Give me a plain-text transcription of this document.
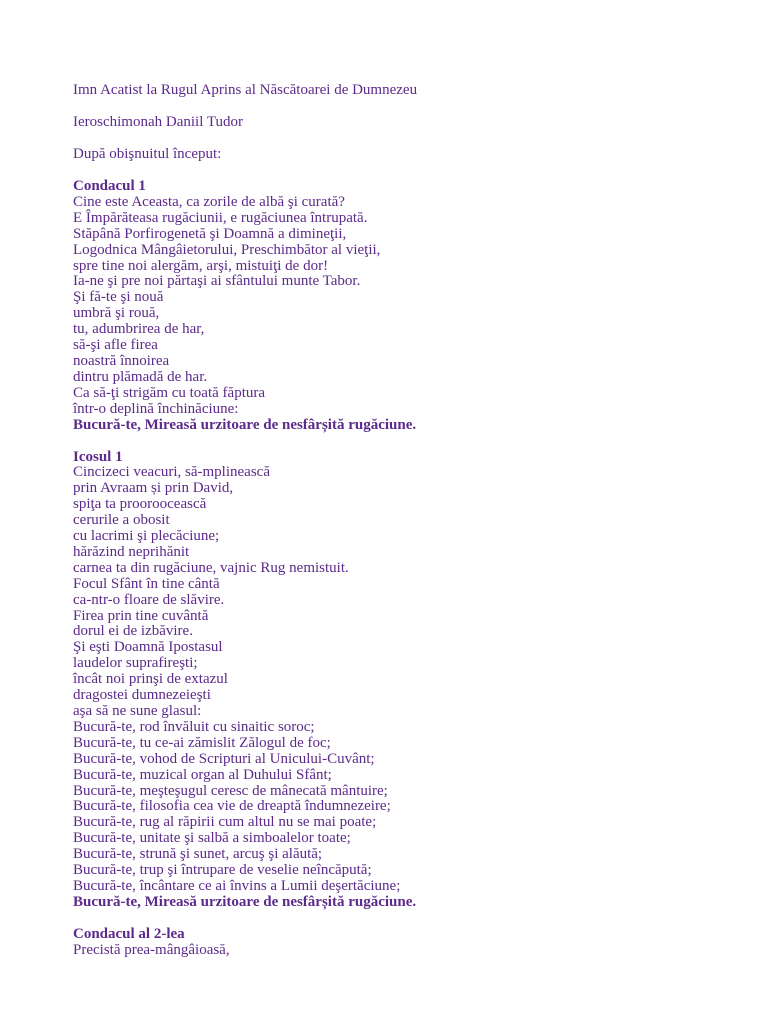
Imn Acatist la Rugul Aprins al Născătoarei de Dumnezeu
Ieroschimonah Daniil Tudor
După obişnuitul început:
Condacul 1
Cine este Aceasta, ca zorile de albă şi curată?
E Împărăteasa rugăciunii, e rugăciunea întrupată.
Stăpână Porfirogenetă şi Doamnă a dimineţii,
Logodnica Mângâietorului, Preschimbător al vieţii,
spre tine noi alergăm, arşi, mistuiţi de dor!
Ia-ne şi pre noi părtaşi ai sfântului munte Tabor.
Şi fă-te şi nouă
umbră şi rouă,
tu, adumbrirea de har,
să-şi afle firea
noastră înnoirea
dintru plămadă de har.
Ca să-ţi strigăm cu toată făptura
într-o deplină închinăciune:
Bucură-te, Mireasă urzitoare de nesfârșită rugăciune.
Icosul 1
Cincizeci veacuri, să-mplinească
prin Avraam și prin David,
spiţa ta prooroocească
cerurile a obosit
cu lacrimi şi plecăciune;
hărăzind neprihănit
carnea ta din rugăciune, vajnic Rug nemistuit.
Focul Sfânt în tine cântă
ca-ntr-o floare de slăvire.
Firea prin tine cuvântă
dorul ei de izbăvire.
Şi eşti Doamnă Ipostasul
laudelor suprafireşti;
încât noi prinşi de extazul
dragostei dumnezeieşti
aşa să ne sune glasul:
Bucură-te, rod învăluit cu sinaitic soroc;
Bucură-te, tu ce-ai zămislit Zălogul de foc;
Bucură-te, vohod de Scripturi al Unicului-Cuvânt;
Bucură-te, muzical organ al Duhului Sfânt;
Bucură-te, meşteşugul ceresc de mânecată mântuire;
Bucură-te, filosofia cea vie de dreaptă îndumnezeire;
Bucură-te, rug al răpirii cum altul nu se mai poate;
Bucură-te, unitate şi salbă a simboalelor toate;
Bucură-te, strună şi sunet, arcuş şi alăută;
Bucură-te, trup şi întrupare de veselie neîncăpută;
Bucură-te, încântare ce ai învins a Lumii deşertăciune;
Bucură-te, Mireasă urzitoare de nesfârșită rugăciune.
Condacul al 2-lea
Precistă prea-mângâioasă,
